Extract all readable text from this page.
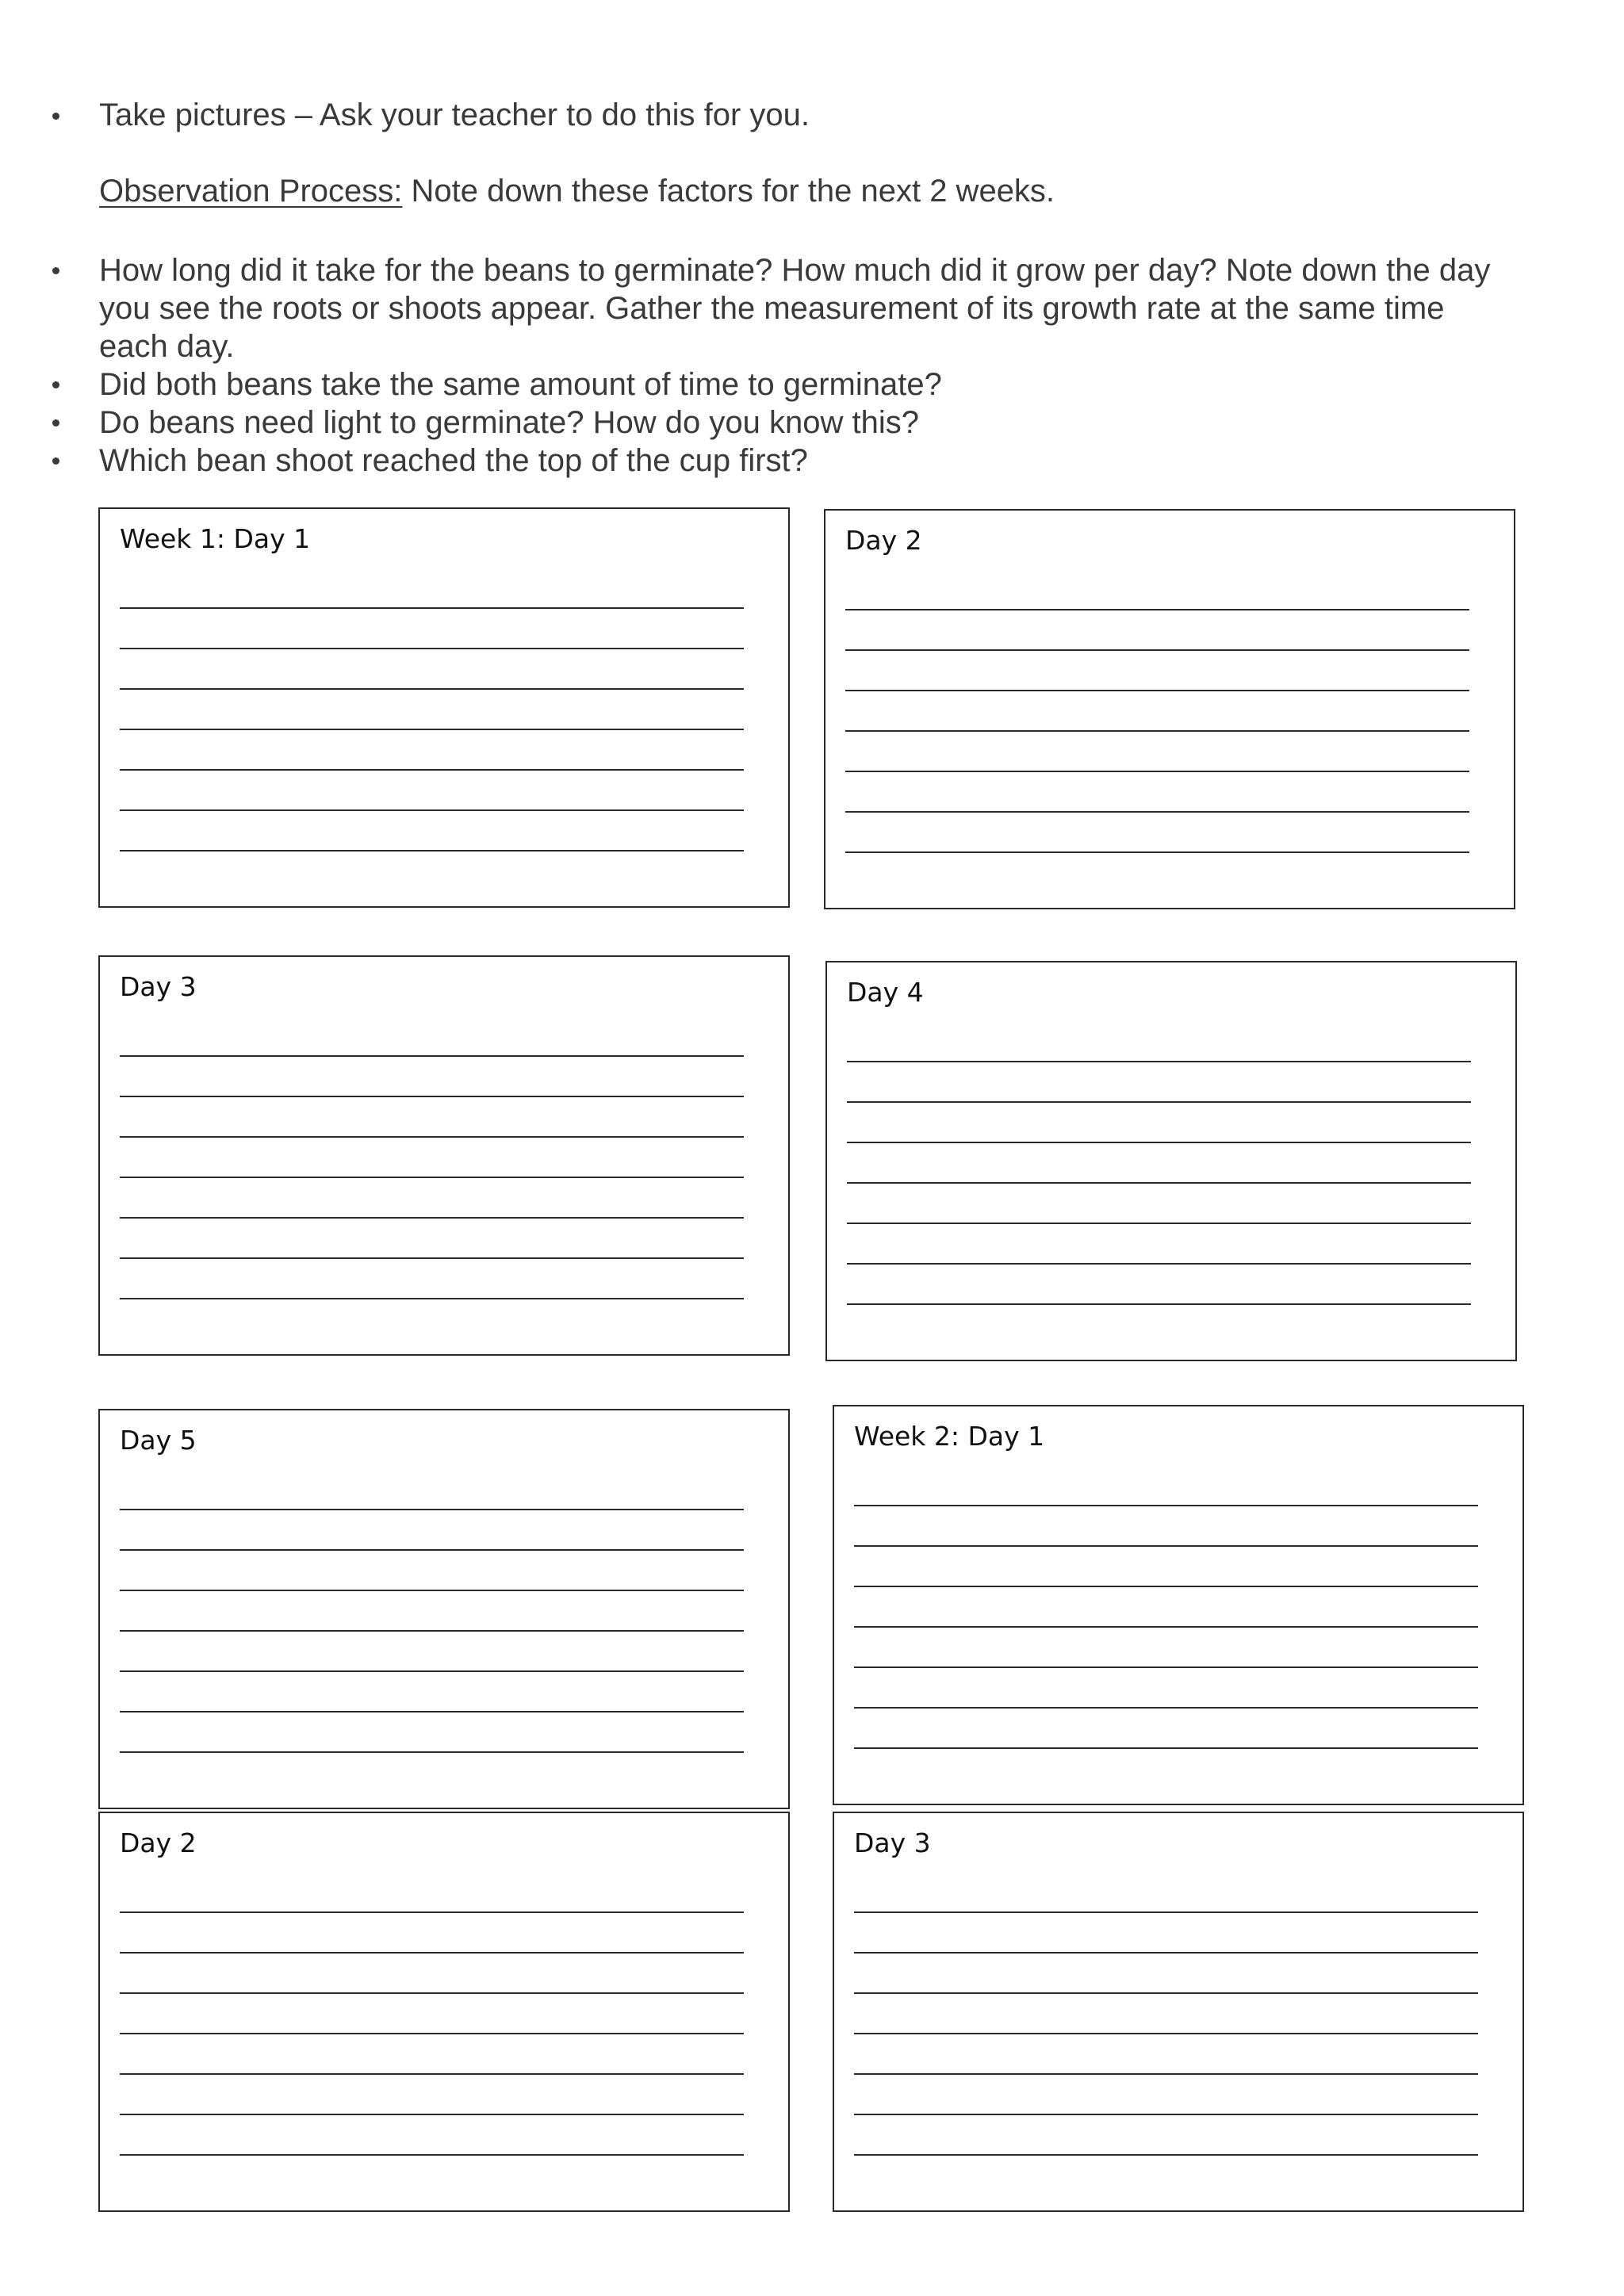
Take pictures – Ask your teacher to do this for you.
Observation Process: Note down these factors for the next 2 weeks.
How long did it take for the beans to germinate? How much did it grow per day? Note down the day you see the roots or shoots appear. Gather the measurement of its growth rate at the same time each day.
Did both beans take the same amount of time to germinate?
Do beans need light to germinate? How do you know this?
Which bean shoot reached the top of the cup first?
Week 1: Day 1	Day 2
Day 3	Day 4
Day 5	Week 2: Day 1
Day 2	Day 3
